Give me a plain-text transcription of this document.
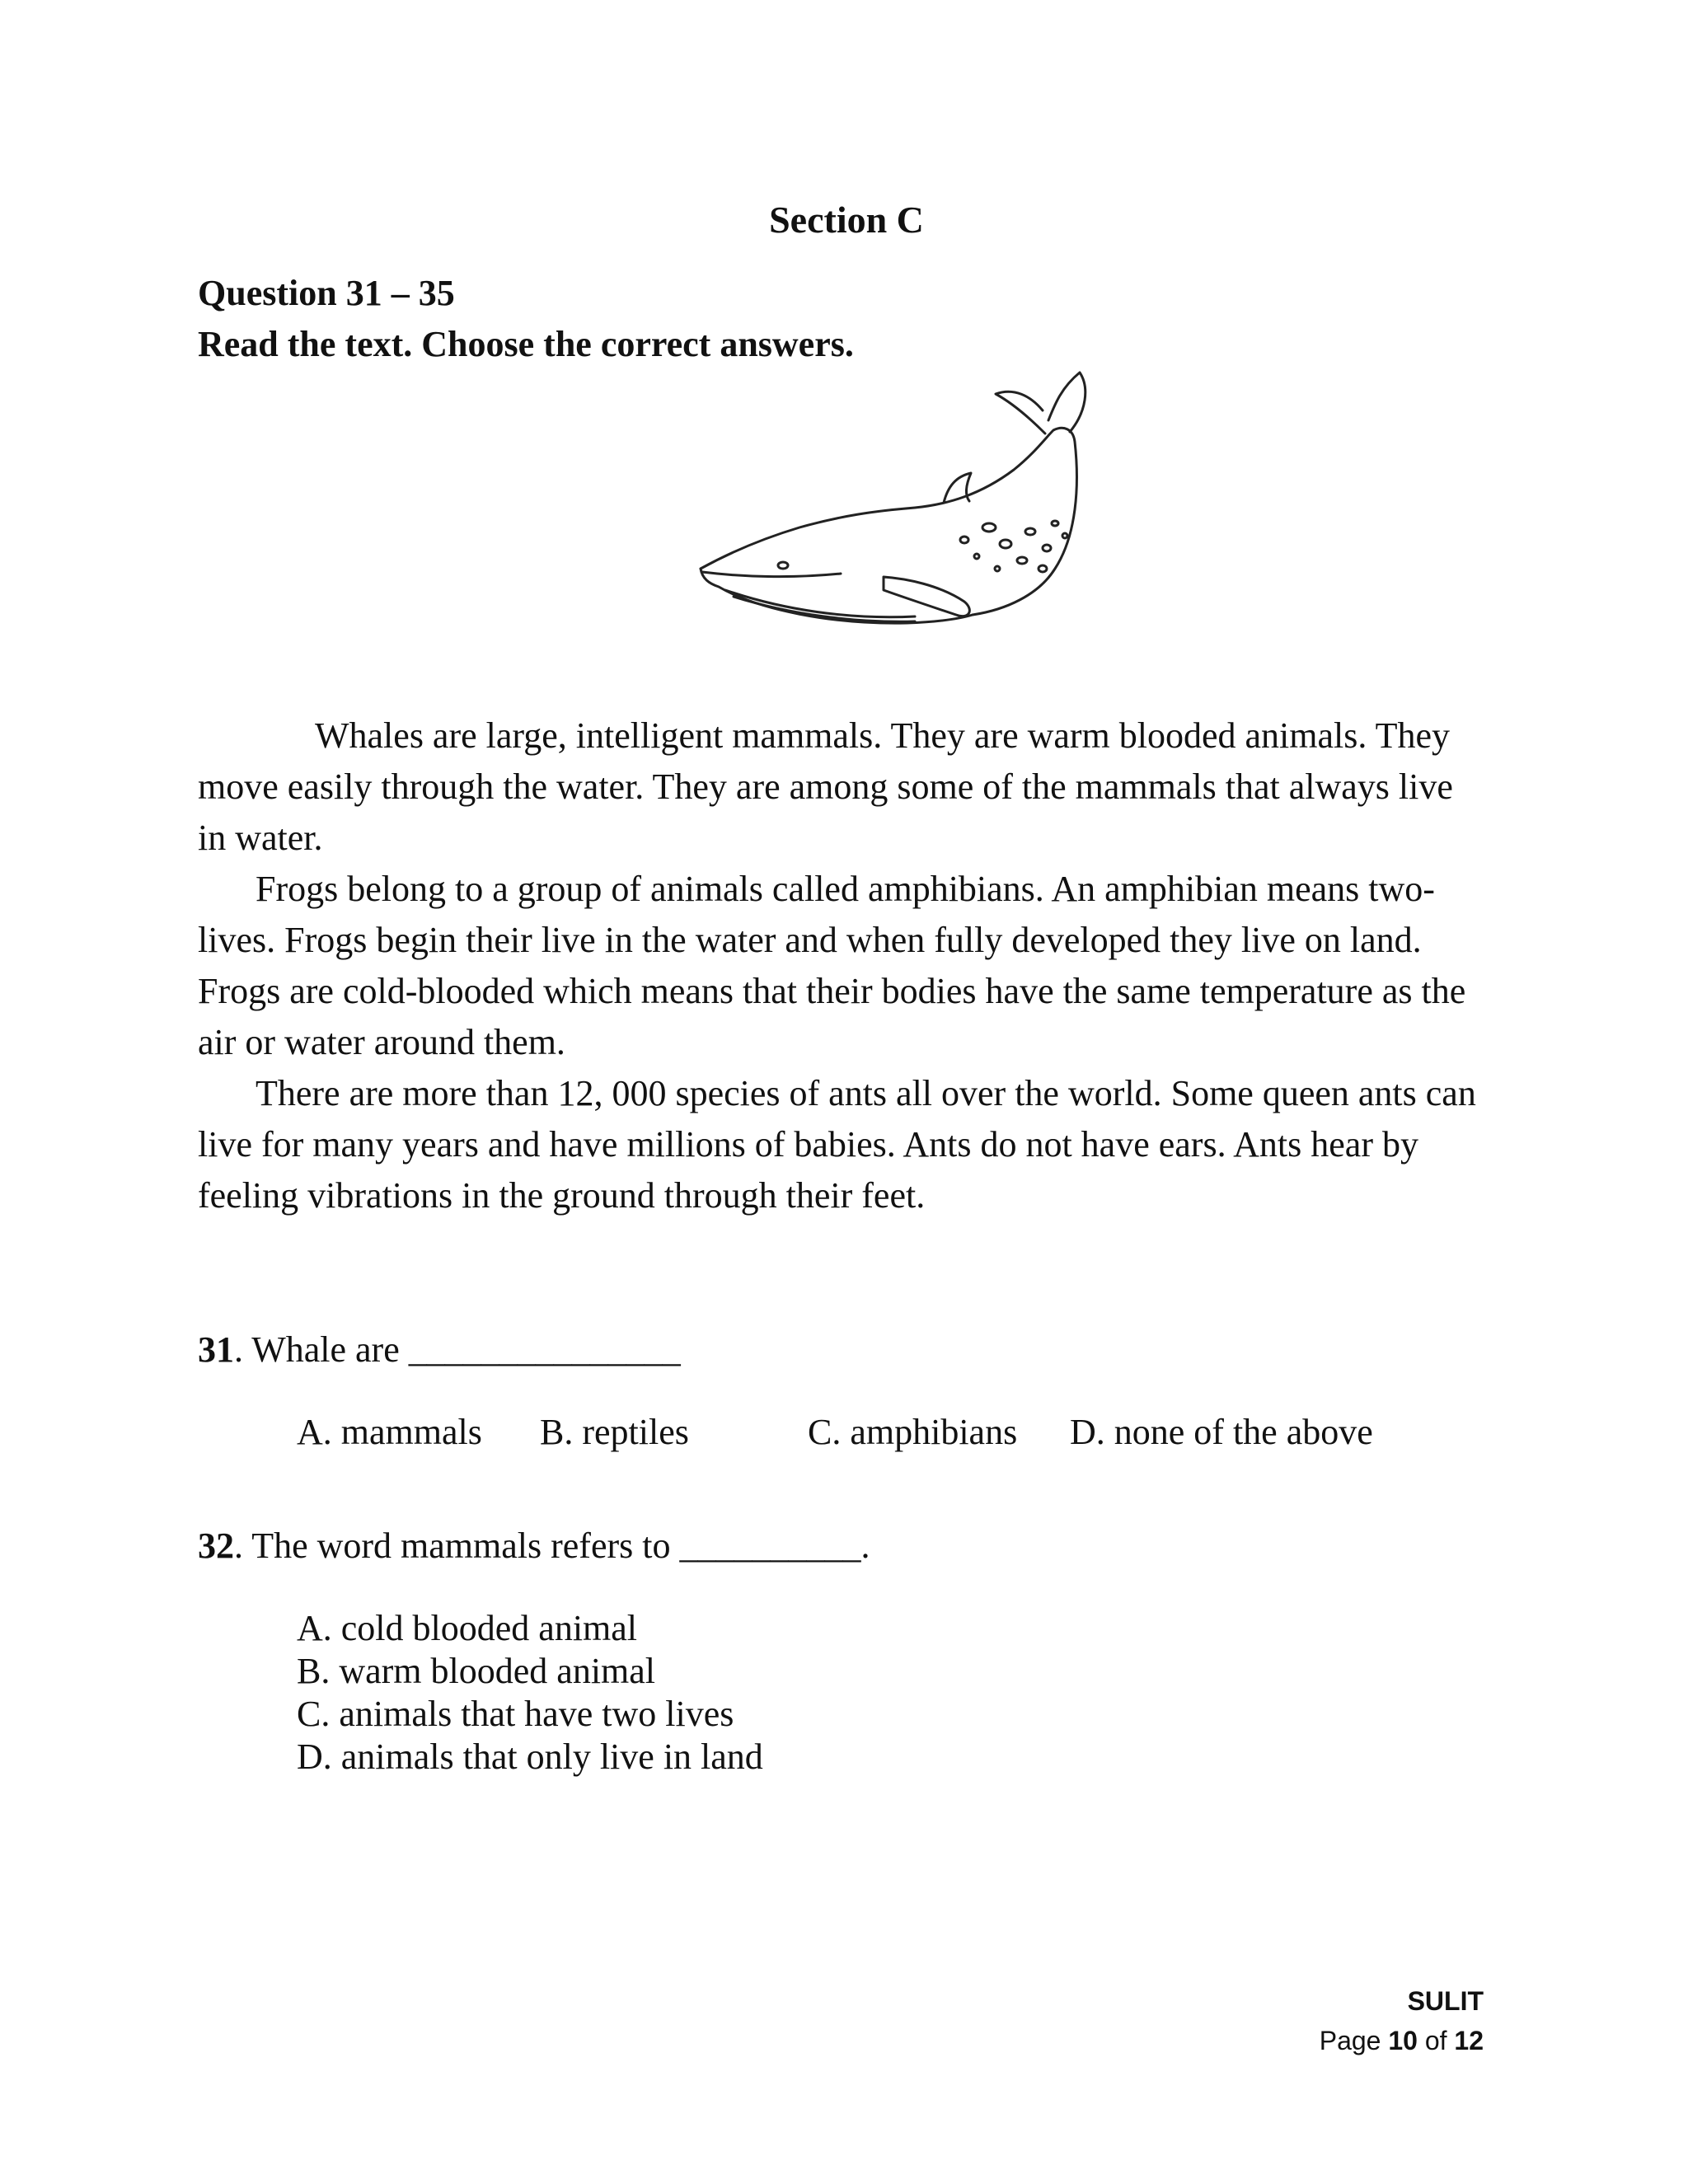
Section C
Question 31 – 35
Read the text. Choose the correct answers.

Whales are large, intelligent mammals. They are warm blooded animals. They move easily through the water. They are among some of the mammals that always live in water.

Frogs belong to a group of animals called amphibians. An amphibian means two-lives. Frogs begin their live in the water and when fully developed they live on land. Frogs are cold-blooded which means that their bodies have the same temperature as the air or water around them.

There are more than 12, 000 species of ants all over the world. Some queen ants can live for many years and have millions of babies. Ants do not have ears. Ants hear by feeling vibrations in the ground through their feet.

31. Whale are _______________
A. mammals B. reptiles	C. amphibians D. none of the above
32. The word mammals refers to __________.
A. cold blooded animal
B. warm blooded animal
C. animals that have two lives
D. animals that only live in land
SULIT
Page 10 of 12
